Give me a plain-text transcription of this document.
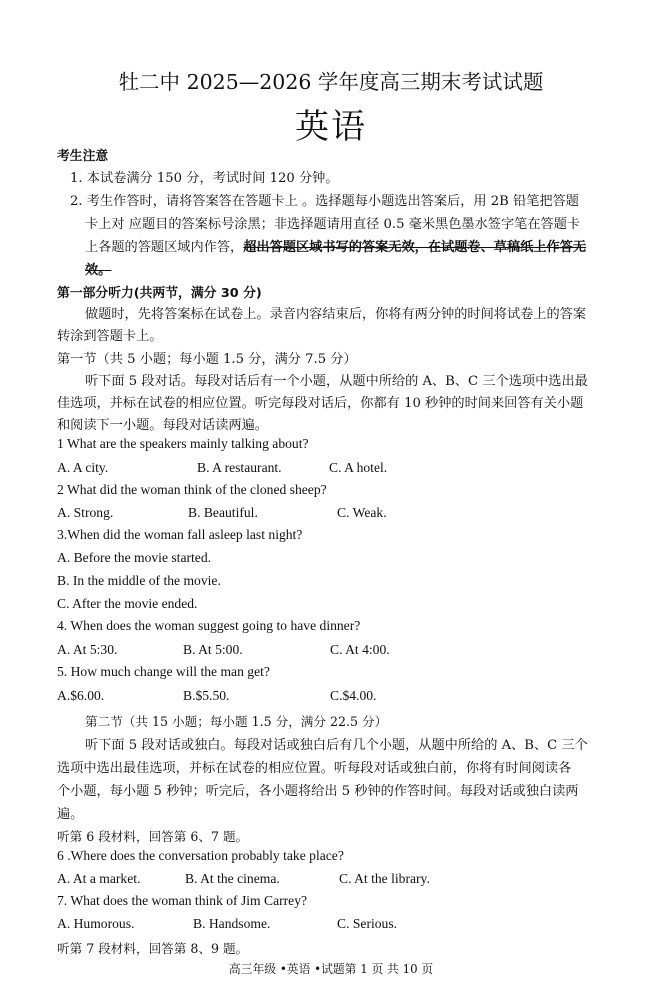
牡二中 2025—2026 学年度高三期末考试试题
英语
考生注意
1. 本试卷满分 150 分，考试时间 120 分钟。
2. 考生作答时，请将答案答在答题卡上 。选择题每小题选出答案后，用 2B 铅笔把答题
卡上对 应题目的答案标号涂黑；非选择题请用直径 0.5 毫米黑色墨水签字笔在答题卡
上各题的答题区域内作答，超出答题区域书写的答案无效，在试题卷、草稿纸上作答无
效。
第一部分听力(共两节，满分 30 分)
做题时，先将答案标在试卷上。录音内容结束后，你将有两分钟的时间将试卷上的答案
转涂到答题卡上。
第一节（共 5 小题；每小题 1.5 分，满分 7.5 分）
听下面 5 段对话。每段对话后有一个小题，从题中所给的 A、B、C 三个选项中选出最
佳选项，并标在试卷的相应位置。听完每段对话后，你都有 10 秒钟的时间来回答有关小题
和阅读下一小题。每段对话读两遍。
1 What are the speakers mainly talking about?
A. A city.	B. A restaurant.	C. A hotel.
2 What did the woman think of the cloned sheep?
A. Strong.	B. Beautiful.	C. Weak.
3.When did the woman fall asleep last night?
A. Before the movie started.
B. In the middle of the movie.
C. After the movie ended.
4. When does the woman suggest going to have dinner?
A. At 5:30.	B. At 5:00.	C. At 4:00.
5. How much change will the man get?
A.$6.00.	B.$5.50.	C.$4.00.
第二节（共 15 小题；每小题 1.5 分，满分 22.5 分）
听下面 5 段对话或独白。每段对话或独白后有几个小题，从题中所给的 A、B、C 三个
选项中选出最佳选项，并标在试卷的相应位置。听每段对话或独白前，你将有时间阅读各
个小题，每小题 5 秒钟；听完后，各小题将给出 5 秒钟的作答时间。每段对话或独白读两
遍。
听第 6 段材料，回答第 6、7 题。
6 .Where does the conversation probably take place?
A. At a market.	B. At the cinema.	C. At the library.
7. What does the woman think of Jim Carrey?
A. Humorous.	B. Handsome.	C. Serious.
听第 7 段材料，回答第 8、9 题。
高三年级 •英语 •试题第 1 页 共 10 页
